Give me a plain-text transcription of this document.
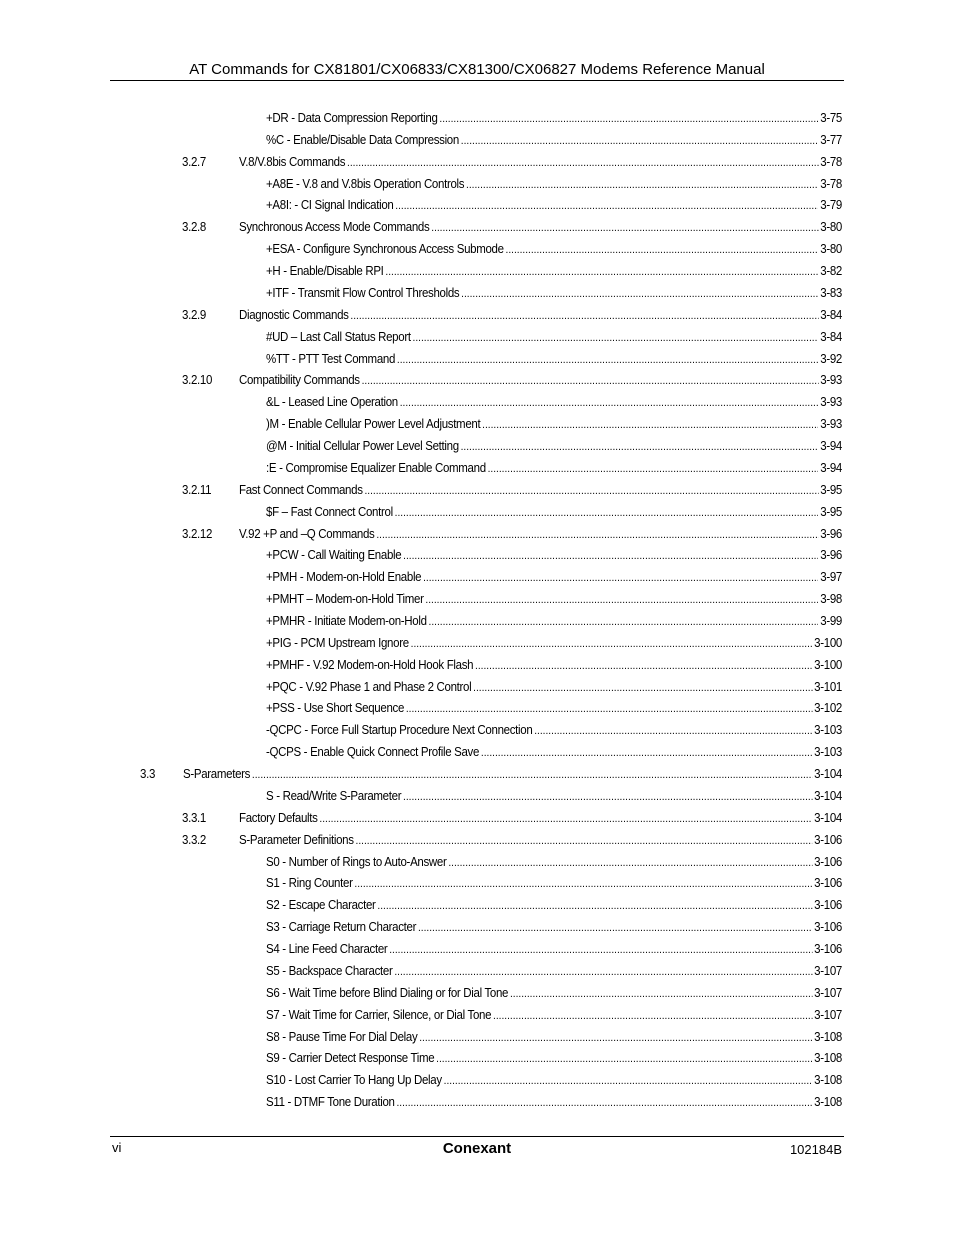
AT Commands for CX81801/CX06833/CX81300/CX06827 Modems Reference Manual
+DR - Data Compression Reporting .....	3-75
%C - Enable/Disable Data Compression .....	3-77
3.2.7	V.8/V.8bis Commands .....	3-78
+A8E - V.8 and V.8bis Operation Controls .....	3-78
+A8I: - CI Signal Indication .....	3-79
3.2.8	Synchronous Access Mode Commands .....	3-80
+ESA - Configure Synchronous Access Submode .....	3-80
+H - Enable/Disable RPI .....	3-82
+ITF - Transmit Flow Control Thresholds .....	3-83
3.2.9	Diagnostic Commands .....	3-84
#UD – Last Call Status Report .....	3-84
%TT - PTT Test Command .....	3-92
3.2.10 Compatibility Commands .....	3-93
&L - Leased Line Operation .....	3-93
)M - Enable Cellular Power Level Adjustment .....	3-93
@M - Initial Cellular Power Level Setting .....	3-94
:E - Compromise Equalizer Enable Command .....	3-94
3.2.11 Fast Connect Commands .....	3-95
$F – Fast Connect Control .....	3-95
3.2.12 V.92 +P and –Q Commands .....	3-96
+PCW - Call Waiting Enable .....	3-96
+PMH - Modem-on-Hold Enable .....	3-97
+PMHT – Modem-on-Hold Timer .....	3-98
+PMHR - Initiate Modem-on-Hold .....	3-99
+PIG - PCM Upstream Ignore .....	3-100
+PMHF - V.92 Modem-on-Hold Hook Flash .....	3-100
+PQC - V.92 Phase 1 and Phase 2 Control .....	3-101
+PSS - Use Short Sequence .....	3-102
-QCPC - Force Full Startup Procedure Next Connection .....	3-103
-QCPS - Enable Quick Connect Profile Save .....	3-103
3.3 S-Parameters .....	3-104
S - Read/Write S-Parameter .....	3-104
3.3.1	Factory Defaults .....	3-104
3.3.2	S-Parameter Definitions .....	3-106
S0 - Number of Rings to Auto-Answer .....	3-106
S1 - Ring Counter .....	3-106
S2 - Escape Character .....	3-106
S3 - Carriage Return Character .....	3-106
S4 - Line Feed Character .....	3-106
S5 - Backspace Character .....	3-107
S6 - Wait Time before Blind Dialing or for Dial Tone .....	3-107
S7 - Wait Time for Carrier, Silence, or Dial Tone .....	3-107
S8 - Pause Time For Dial Delay .....	3-108
S9 - Carrier Detect Response Time .....	3-108
S10 - Lost Carrier To Hang Up Delay .....	3-108
S11 - DTMF Tone Duration .....	3-108
vi	Conexant	102184B
